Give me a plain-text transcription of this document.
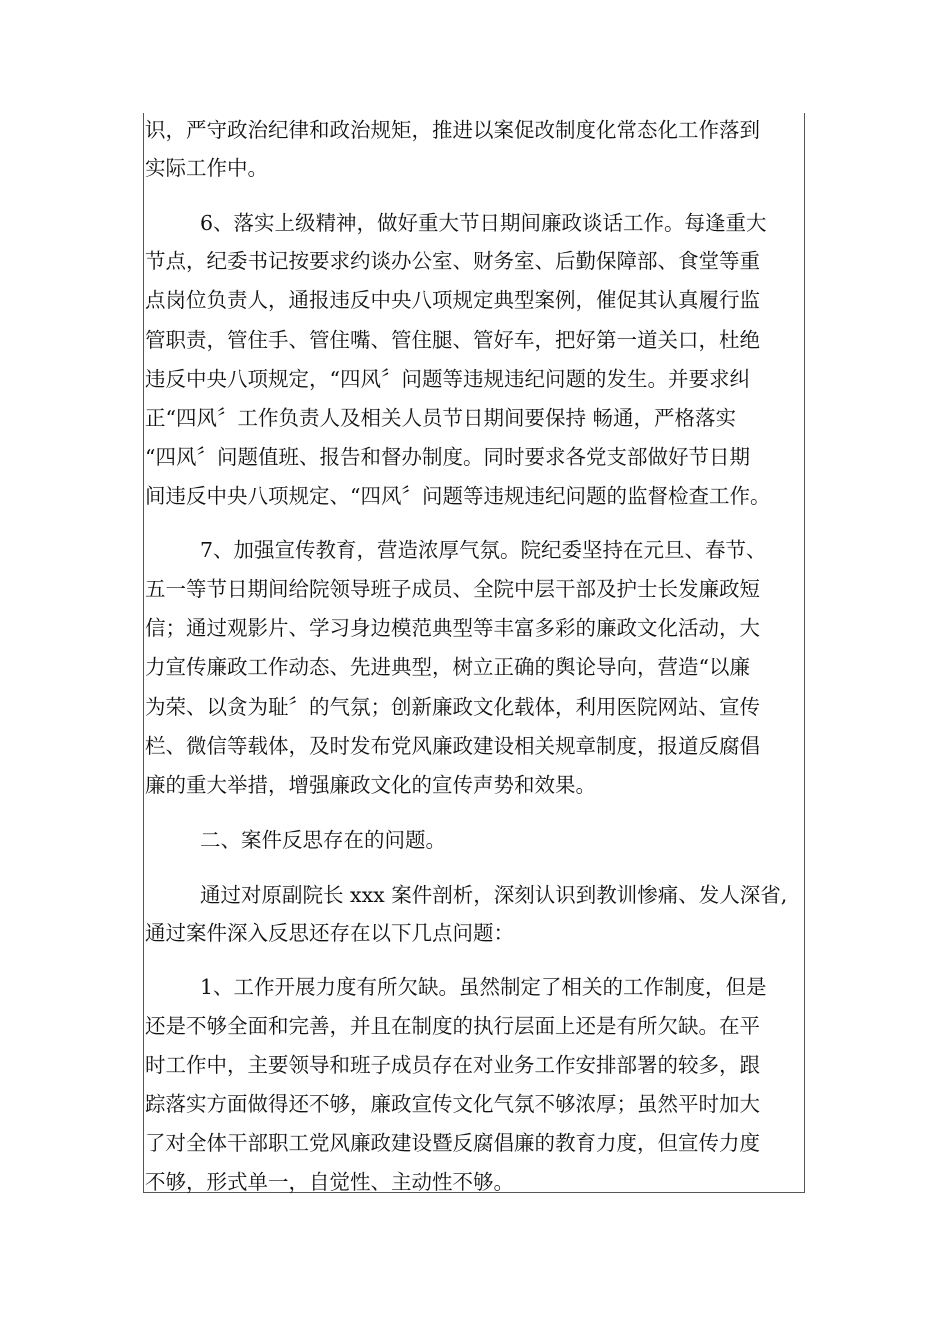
识，严守政治纪律和政治规矩，推进以案促改制度化常态化工作落到
实际工作中。
6、落实上级精神，做好重大节日期间廉政谈话工作。每逢重大
节点，纪委书记按要求约谈办公室、财务室、后勤保障部、食堂等重
点岗位负责人，通报违反中央八项规定典型案例，催促其认真履行监
管职责，管住手、管住嘴、管住腿、管好车，把好第一道关口，杜绝
违反中央八项规定，“四风〞问题等违规违纪问题的发生。并要求纠
正“四风〞工作负责人及相关人员节日期间要保持 畅通，严格落实
“四风〞问题值班、报告和督办制度。同时要求各党支部做好节日期
间违反中央八项规定、“四风〞问题等违规违纪问题的监督检查工作。
7、加强宣传教育，营造浓厚气氛。院纪委坚持在元旦、春节、
五一等节日期间给院领导班子成员、全院中层干部及护士长发廉政短
信；通过观影片、学习身边模范典型等丰富多彩的廉政文化活动，大
力宣传廉政工作动态、先进典型，树立正确的舆论导向，营造“以廉
为荣、以贪为耻〞的气氛；创新廉政文化载体，利用医院网站、宣传
栏、微信等载体，及时发布党风廉政建设相关规章制度，报道反腐倡
廉的重大举措，增强廉政文化的宣传声势和效果。
二、案件反思存在的问题。
通过对原副院长 xxx 案件剖析，深刻认识到教训惨痛、发人深省,
通过案件深入反思还存在以下几点问题：
1、工作开展力度有所欠缺。虽然制定了相关的工作制度，但是
还是不够全面和完善，并且在制度的执行层面上还是有所欠缺。在平
时工作中，主要领导和班子成员存在对业务工作安排部署的较多，跟
踪落实方面做得还不够，廉政宣传文化气氛不够浓厚；虽然平时加大
了对全体干部职工党风廉政建设暨反腐倡廉的教育力度，但宣传力度
不够，形式单一，自觉性、主动性不够。
